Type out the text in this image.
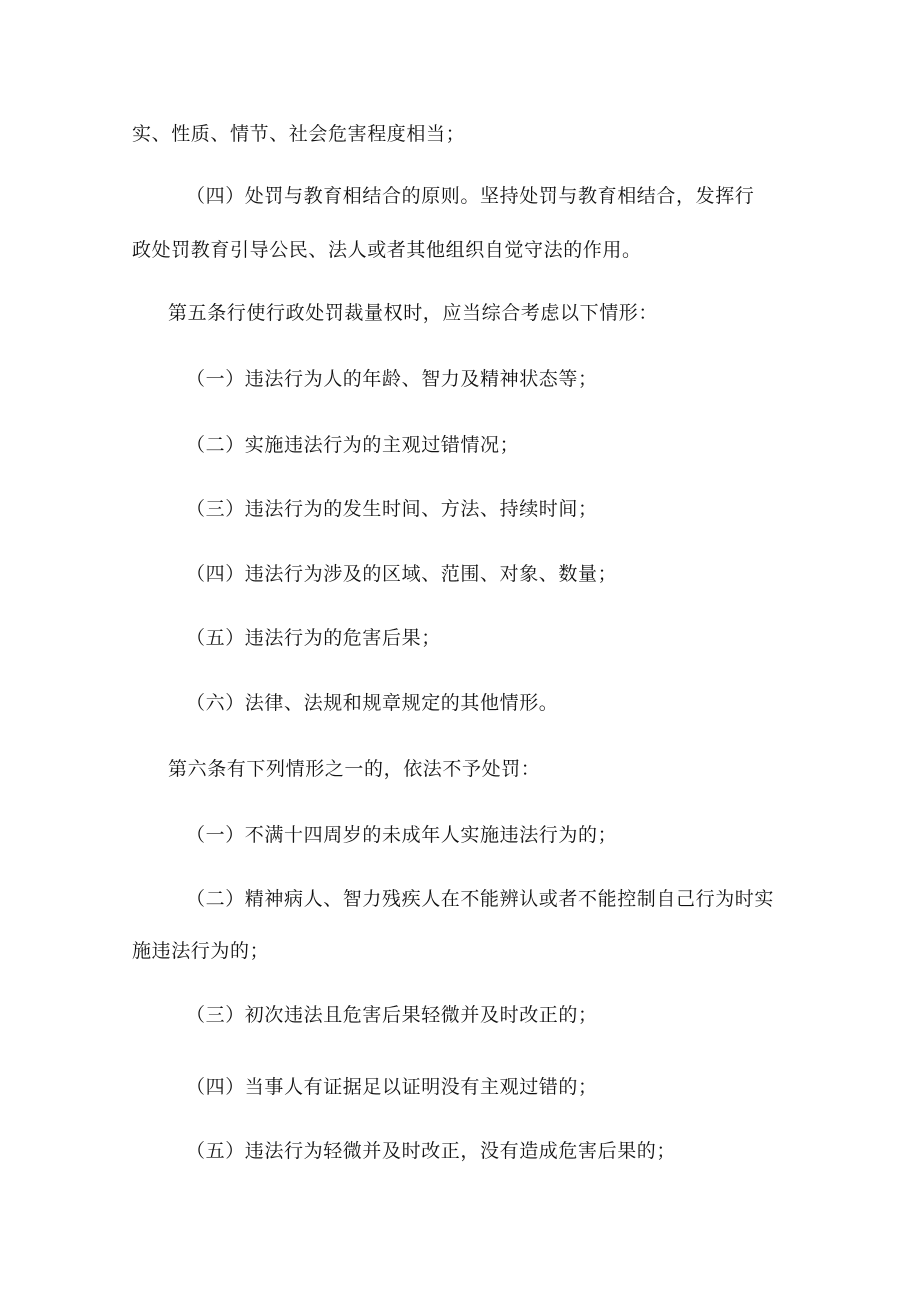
实、性质、情节、社会危害程度相当；
（四）处罚与教育相结合的原则。坚持处罚与教育相结合，发挥行
政处罚教育引导公民、法人或者其他组织自觉守法的作用。
第五条行使行政处罚裁量权时，应当综合考虑以下情形：
（一）违法行为人的年龄、智力及精神状态等；
（二）实施违法行为的主观过错情况；
（三）违法行为的发生时间、方法、持续时间；
（四）违法行为涉及的区域、范围、对象、数量；
（五）违法行为的危害后果；
（六）法律、法规和规章规定的其他情形。
第六条有下列情形之一的，依法不予处罚：
（一）不满十四周岁的未成年人实施违法行为的；
（二）精神病人、智力残疾人在不能辨认或者不能控制自己行为时实
施违法行为的；
（三）初次违法且危害后果轻微并及时改正的；
（四）当事人有证据足以证明没有主观过错的；
（五）违法行为轻微并及时改正，没有造成危害后果的；
